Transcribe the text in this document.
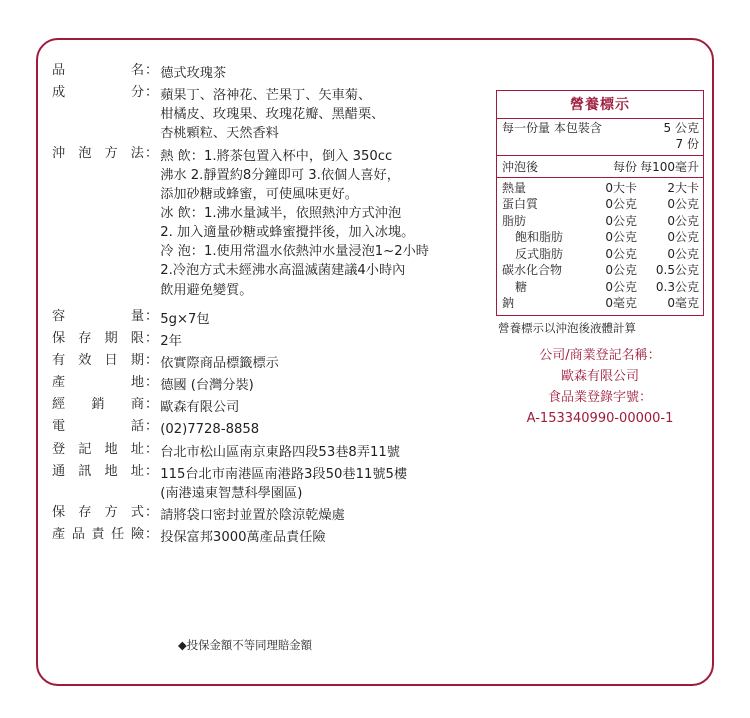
品	名 ： 德式玫瑰茶
成	分 ： 蘋果丁、洛神花、芒果丁、矢車菊、
柑橘皮、玫瑰果、玫瑰花瓣、黑醋栗、
杏桃顆粒、天然香料
沖 泡 方 法 ： 熱 飲：1.將茶包置入杯中，倒入 350cc
沸水 2.靜置約8分鐘即可 3.依個人喜好，
添加砂糖或蜂蜜，可使風味更好。
冰 飲：1.沸水量減半，依照熱沖方式沖泡
2. 加入適量砂糖或蜂蜜攪拌後，加入冰塊。
冷 泡：1.使用常溫水依熱沖水量浸泡1~2小時
2.冷泡方式未經沸水高溫滅菌建議4小時內
飲用避免變質。
容	量 ： 5g×7包
保 存 期 限 ： 2年
有 效 日 期 ： 依實際商品標籤標示
產	地 ： 德國 (台灣分裝)
經 銷 商 ： 歐森有限公司
電	話 ： (02)7728-8858
登 記 地 址 ： 台北市松山區南京東路四段53巷8弄11號
通 訊 地 址 ： 115台北市南港區南港路3段50巷11號5樓
(南港遠東智慧科學園區)
保 存 方 式 ： 請將袋口密封並置於陰涼乾燥處
產 品 責 任 險 ： 投保富邦3000萬產品責任險
◆投保金額不等同理賠金額
營養標示
每一份量 本包裝含	5 公克
7 份
沖泡後	每份 每100毫升
熱量	0大卡	2大卡
蛋白質	0公克	0公克
脂肪	0公克	0公克
飽和脂肪	0公克	0公克
反式脂肪	0公克	0公克
碳水化合物	0公克	0.5公克
糖	0公克	0.3公克
鈉	0毫克	0毫克
營養標示以沖泡後液體計算
公司/商業登記名稱：
歐森有限公司
食品業登錄字號：
A-153340990-00000-1
